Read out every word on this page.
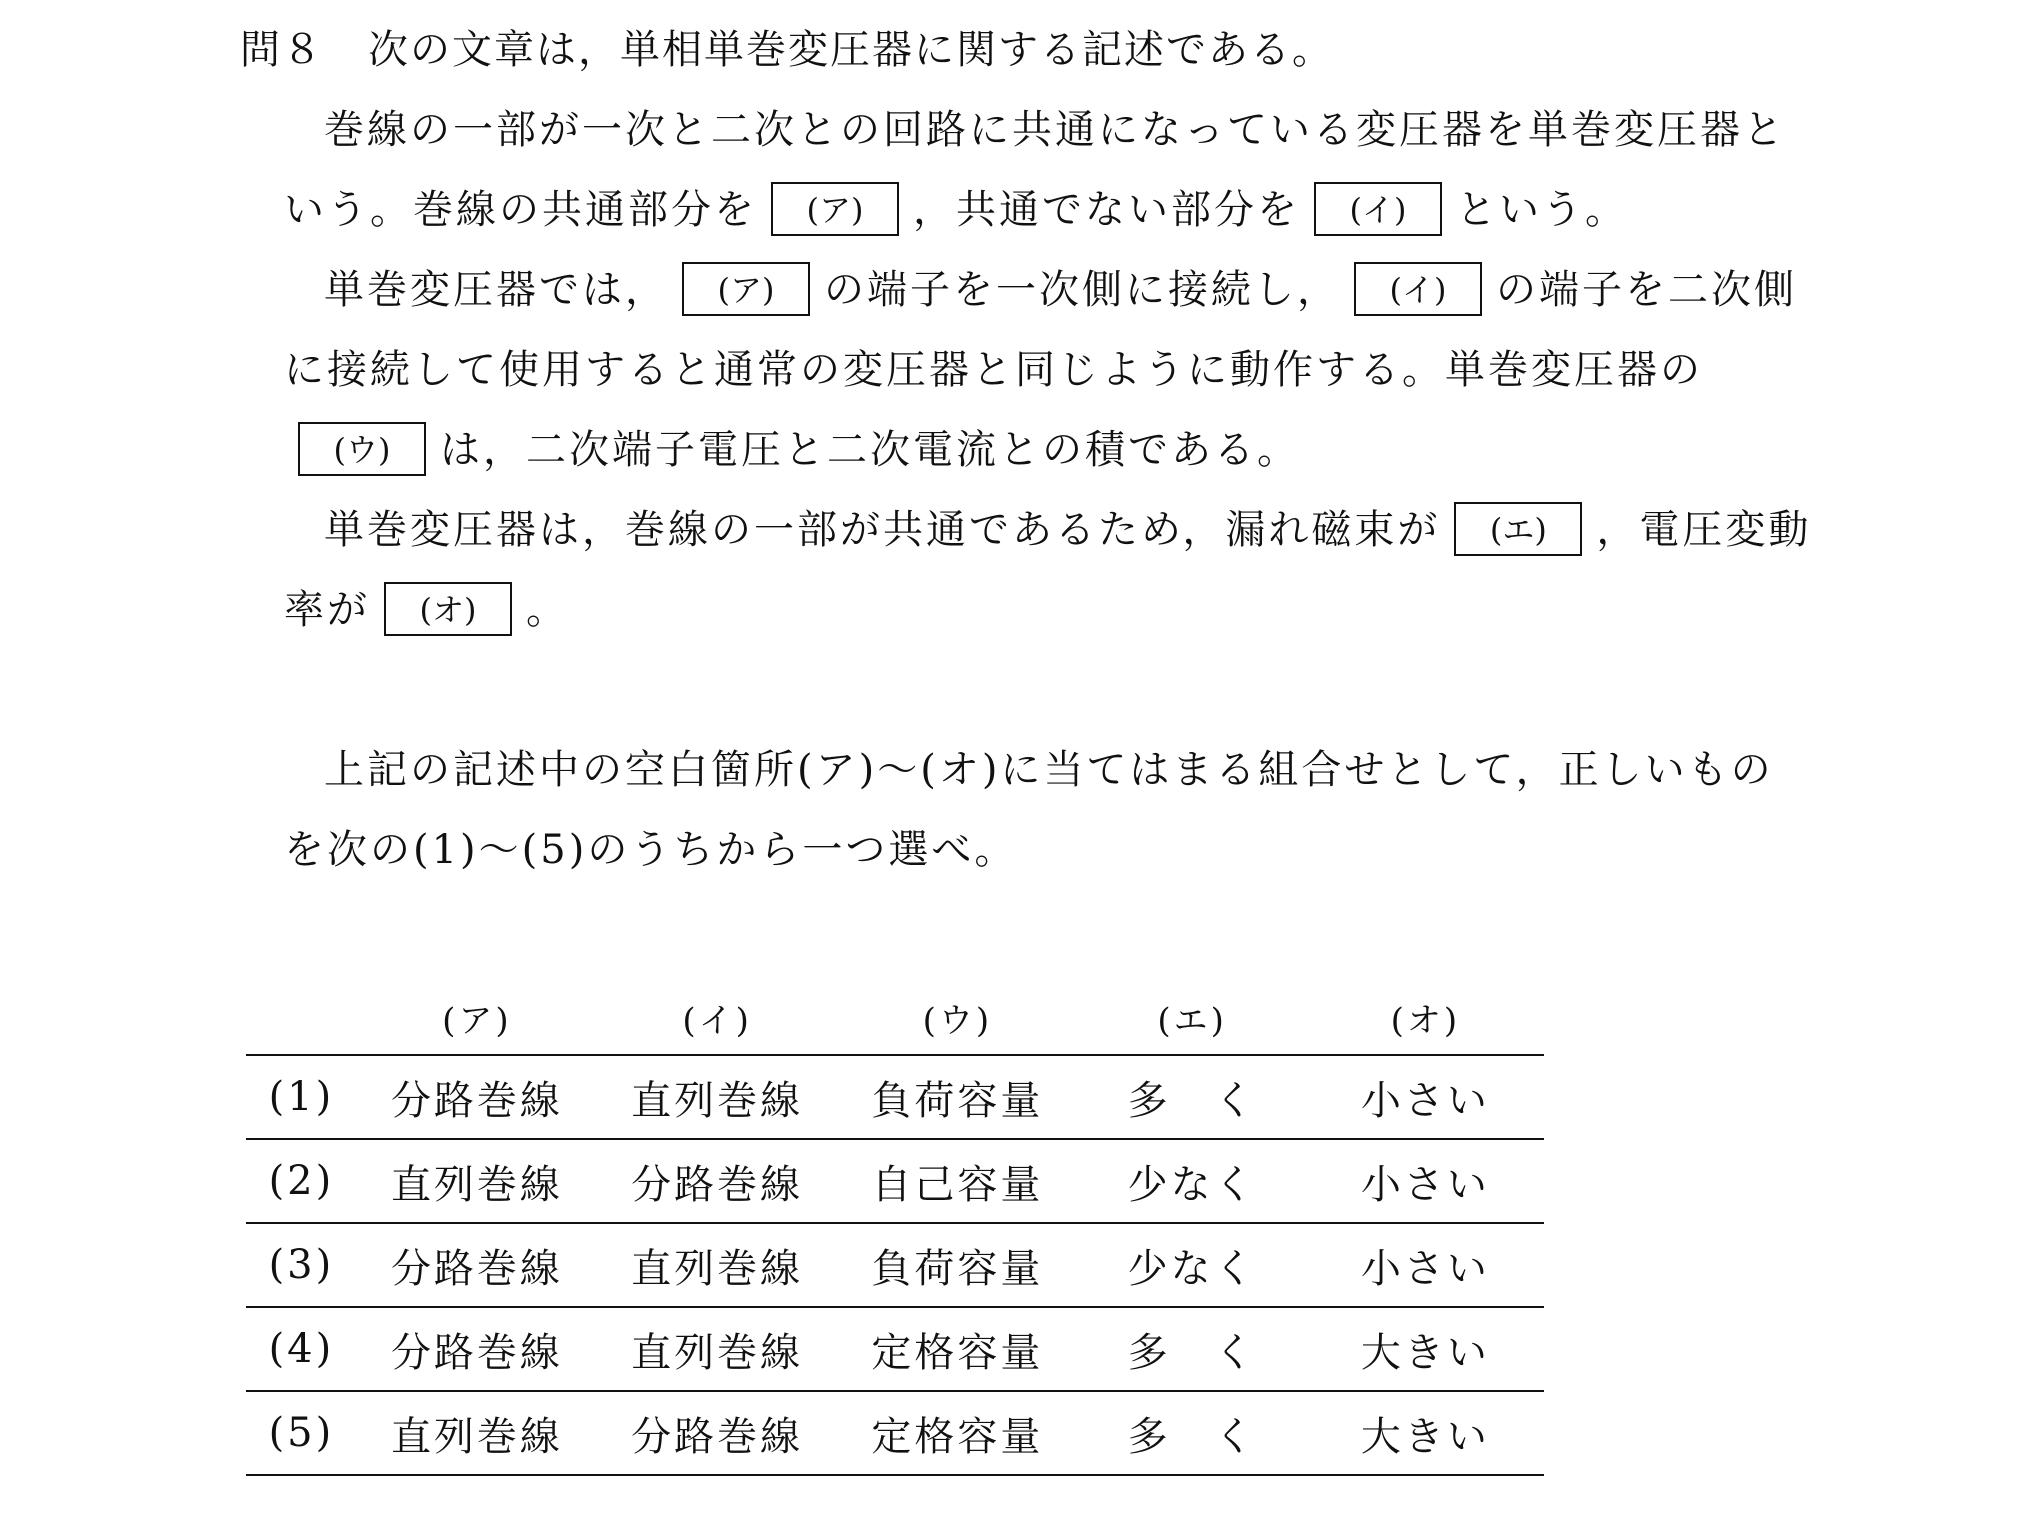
問８ 次の文章は，単相単巻変圧器に関する記述である。
巻線の一部が一次と二次との回路に共通になっている変圧器を単巻変圧器という。巻線の共通部分を (ア) ，共通でない部分を (イ) という。
単巻変圧器では， (ア) の端子を一次側に接続し， (イ) の端子を二次側に接続して使用すると通常の変圧器と同じように動作する。単巻変圧器の(ウ) は，二次端子電圧と二次電流との積である。
単巻変圧器は，巻線の一部が共通であるため，漏れ磁束が (エ) ，電圧変動率が (オ) 。
上記の記述中の空白箇所(ア)～(オ)に当てはまる組合せとして，正しいものを次の(1)～(5)のうちから一つ選べ。
	(ア)	(イ)	(ウ)	(エ)	(オ)
(1)	分路巻線	直列巻線	負荷容量	多　く	小さい
(2)	直列巻線	分路巻線	自己容量	少なく	小さい
(3)	分路巻線	直列巻線	負荷容量	少なく	小さい
(4)	分路巻線	直列巻線	定格容量	多　く	大きい
(5)	直列巻線	分路巻線	定格容量	多　く	大きい
